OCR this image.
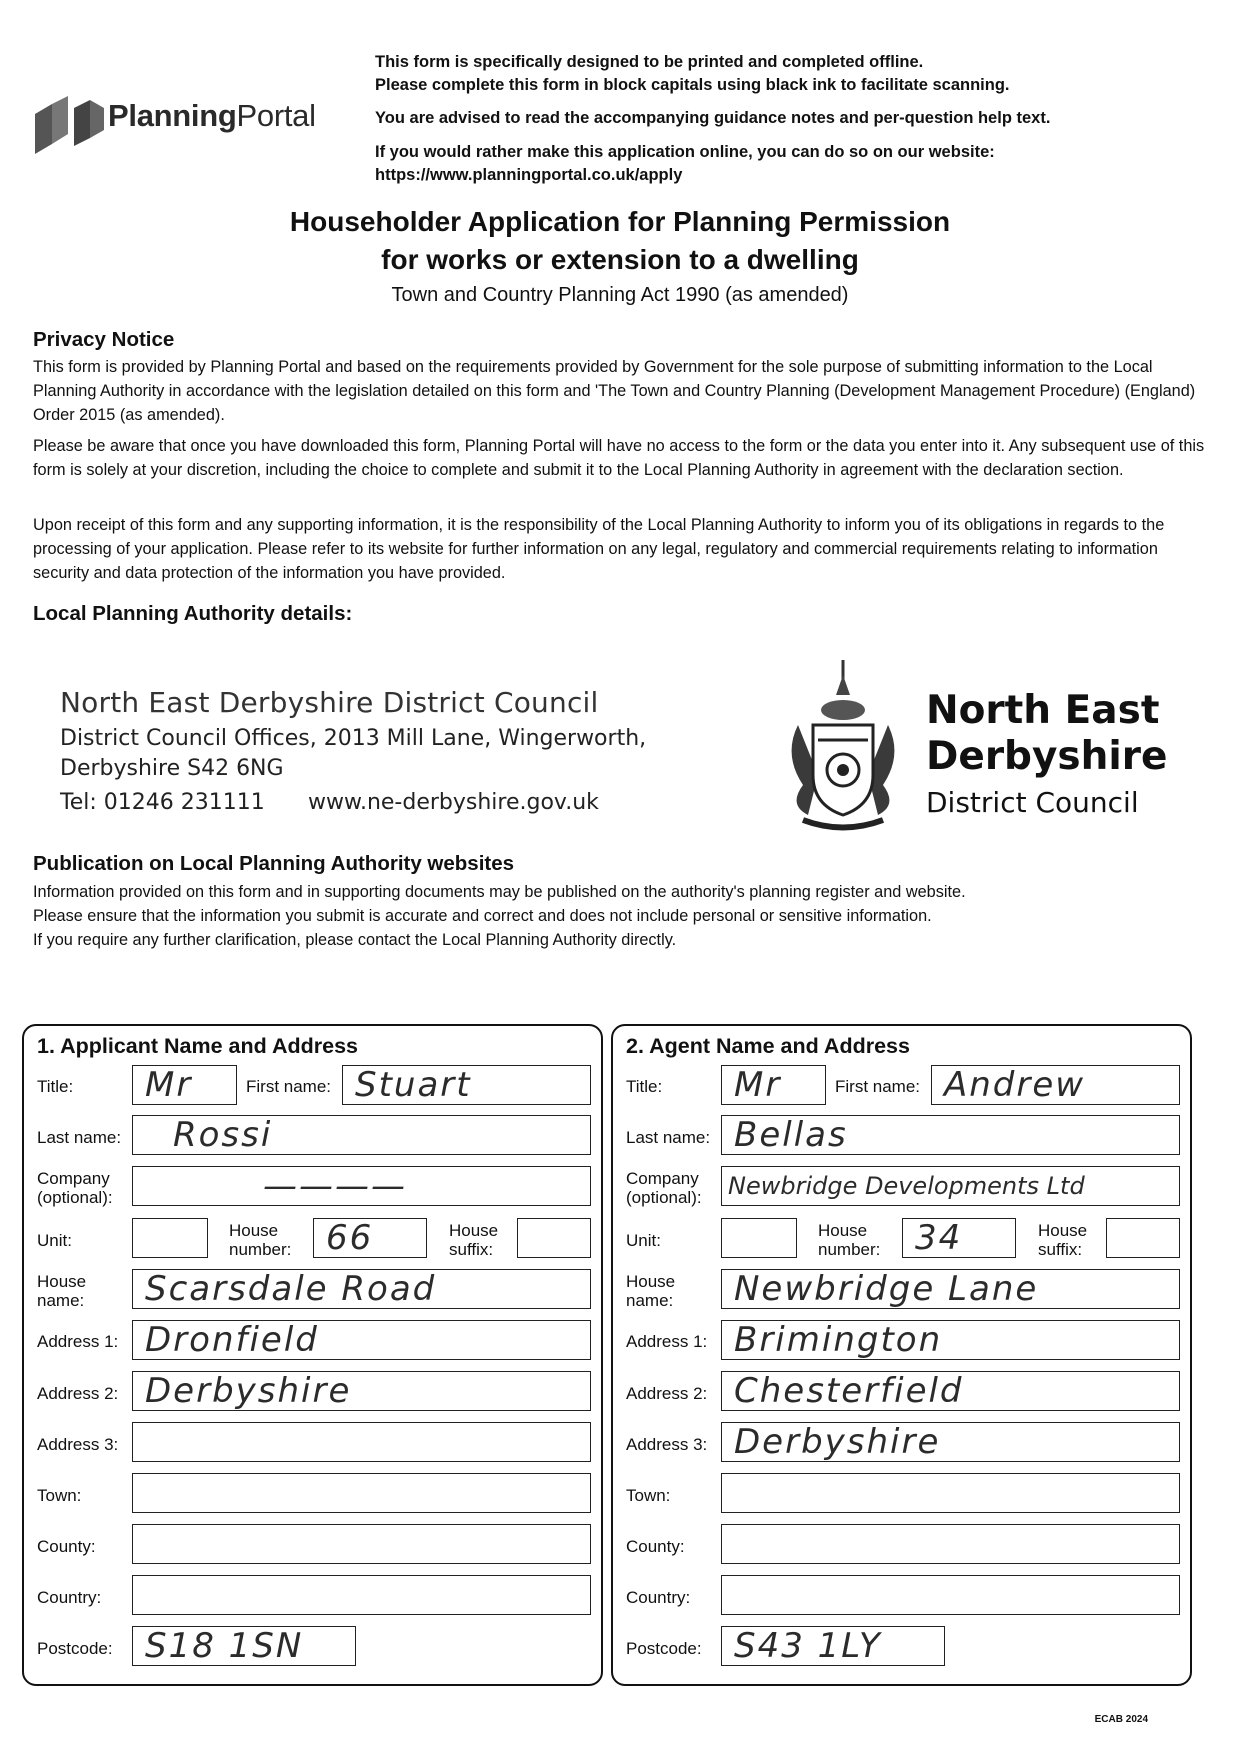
PlanningPortal
This form is specifically designed to be printed and completed offline.
Please complete this form in block capitals using black ink to facilitate scanning.
You are advised to read the accompanying guidance notes and per-question help text.
If you would rather make this application online, you can do so on our website:
https://www.planningportal.co.uk/apply
Householder Application for Planning Permission
for works or extension to a dwelling
Town and Country Planning Act 1990 (as amended)
Privacy Notice
This form is provided by Planning Portal and based on the requirements provided by Government for the sole purpose of submitting information to the Local Planning Authority in accordance with the legislation detailed on this form and 'The Town and Country Planning (Development Management Procedure) (England) Order 2015 (as amended).
Please be aware that once you have downloaded this form, Planning Portal will have no access to the form or the data you enter into it. Any subsequent use of this form is solely at your discretion, including the choice to complete and submit it to the Local Planning Authority in agreement with the declaration section.
Upon receipt of this form and any supporting information, it is the responsibility of the Local Planning Authority to inform you of its obligations in regards to the processing of your application. Please refer to its website for further information on any legal, regulatory and commercial requirements relating to information security and data protection of the information you have provided.
Local Planning Authority details:
North East Derbyshire District Council
District Council Offices, 2013 Mill Lane, Wingerworth,
Derbyshire S42 6NG
Tel: 01246 231111 www.ne-derbyshire.gov.uk
North East
Derbyshire
District Council
Publication on Local Planning Authority websites
Information provided on this form and in supporting documents may be published on the authority's planning register and website.
Please ensure that the information you submit is accurate and correct and does not include personal or sensitive information.
If you require any further clarification, please contact the Local Planning Authority directly.
1. Applicant Name and Address
Title:	Mr	First name: Stuart
Last name:	Rossi
Company
(optional):	————
Unit:
House
number:	66	House
suffix:
House
name:	Scarsdale Road
Address 1: Dronfield
Address 2: Derbyshire
Address 3:
Town:
County:
Country:
Postcode: S18 1SN
2. Agent Name and Address
Title:	Mr	First name: Andrew
Last name: Bellas
Company
(optional): Newbridge Developments Ltd
Unit:
House
number:	34	House
suffix:
House
name:	Newbridge Lane
Address 1: Brimington
Address 2: Chesterfield
Address 3: Derbyshire
Town:
County:
Country:
Postcode: S43 1LY
ECAB 2024
